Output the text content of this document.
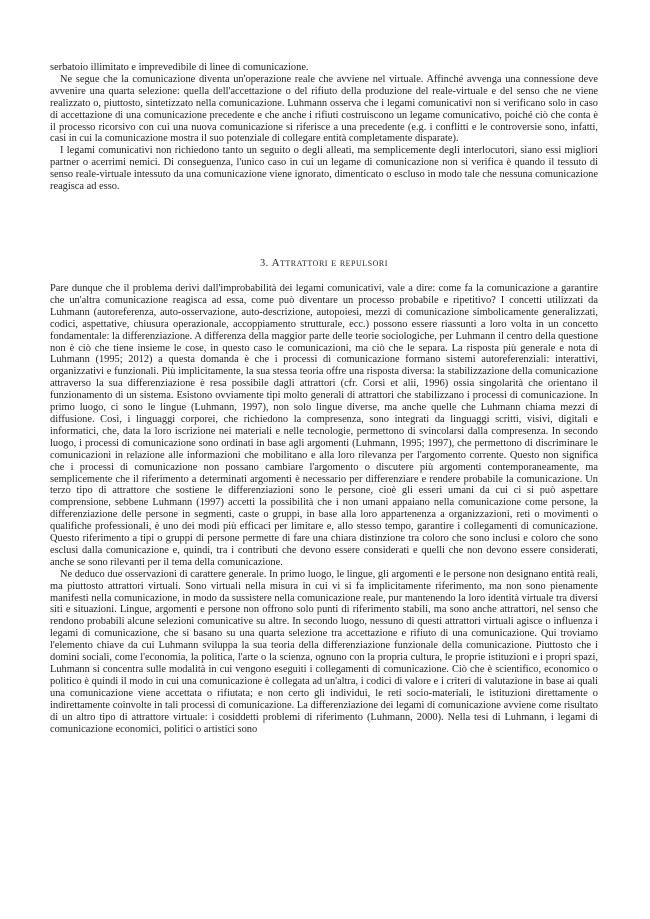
serbatoio illimitato e imprevedibile di linee di comunicazione.

Ne segue che la comunicazione diventa un'operazione reale che avviene nel virtuale. Affinché avvenga una connessione deve avvenire una quarta selezione: quella dell'accettazione o del rifiuto della produzione del reale-virtuale e del senso che ne viene realizzato o, piuttosto, sintetizzato nella comunicazione. Luhmann osserva che i legami comunicativi non si verificano solo in caso di accettazione di una comunicazione precedente e che anche i rifiuti costruiscono un legame comunicativo, poiché ciò che conta è il processo ricorsivo con cui una nuova comunicazione si riferisce a una precedente (e.g. i conflitti e le controversie sono, infatti, casi in cui la comunicazione mostra il suo potenziale di collegare entità completamente disparate).

I legami comunicativi non richiedono tanto un seguito o degli alleati, ma semplicemente degli interlocutori, siano essi migliori partner o acerrimi nemici. Di conseguenza, l'unico caso in cui un legame di comunicazione non si verifica è quando il tessuto di senso reale-virtuale intessuto da una comunicazione viene ignorato, dimenticato o escluso in modo tale che nessuna comunicazione reagisca ad esso.

3. Attrattori e repulsori

Pare dunque che il problema derivi dall'improbabilità dei legami comunicativi, vale a dire: come fa la comunicazione a garantire che un'altra comunicazione reagisca ad essa, come può diventare un processo probabile e ripetitivo? I concetti utilizzati da Luhmann (autoreferenza, auto-osservazione, auto-descrizione, autopoiesi, mezzi di comunicazione simbolicamente generalizzati, codici, aspettative, chiusura operazionale, accoppiamento strutturale, ecc.) possono essere riassunti a loro volta in un concetto fondamentale: la differenziazione. A differenza della maggior parte delle teorie sociologiche, per Luhmann il centro della questione non è ciò che tiene insieme le cose, in questo caso le comunicazioni, ma ciò che le separa. La risposta più generale e nota di Luhmann (1995; 2012) a questa domanda è che i processi di comunicazione formano sistemi autoreferenziali: interattivi, organizzativi e funzionali. Più implicitamente, la sua stessa teoria offre una risposta diversa: la stabilizzazione della comunicazione attraverso la sua differenziazione è resa possibile dagli attrattori (cfr. Corsi et alii, 1996) ossia singolarità che orientano il funzionamento di un sistema. Esistono ovviamente tipi molto generali di attrattori che stabilizzano i processi di comunicazione. In primo luogo, ci sono le lingue (Luhmann, 1997), non solo lingue diverse, ma anche quelle che Luhmann chiama mezzi di diffusione. Così, i linguaggi corporei, che richiedono la compresenza, sono integrati da linguaggi scritti, visivi, digitali e informatici, che, data la loro iscrizione nei materiali e nelle tecnologie, permettono di svincolarsi dalla compresenza. In secondo luogo, i processi di comunicazione sono ordinati in base agli argomenti (Luhmann, 1995; 1997), che permettono di discriminare le comunicazioni in relazione alle informazioni che mobilitano e alla loro rilevanza per l'argomento corrente. Questo non significa che i processi di comunicazione non possano cambiare l'argomento o discutere più argomenti contemporaneamente, ma semplicemente che il riferimento a determinati argomenti è necessario per differenziare e rendere probabile la comunicazione. Un terzo tipo di attrattore che sostiene le differenziazioni sono le persone, cioè gli esseri umani da cui ci si può aspettare comprensione, sebbene Luhmann (1997) accetti la possibilità che i non umani appaiano nella comunicazione come persone, la differenziazione delle persone in segmenti, caste o gruppi, in base alla loro appartenenza a organizzazioni, reti o movimenti o qualifiche professionali, è uno dei modi più efficaci per limitare e, allo stesso tempo, garantire i collegamenti di comunicazione. Questo riferimento a tipi o gruppi di persone permette di fare una chiara distinzione tra coloro che sono inclusi e coloro che sono esclusi dalla comunicazione e, quindi, tra i contributi che devono essere considerati e quelli che non devono essere considerati, anche se sono rilevanti per il tema della comunicazione.

Ne deduco due osservazioni di carattere generale. In primo luogo, le lingue, gli argomenti e le persone non designano entità reali, ma piuttosto attrattori virtuali. Sono virtuali nella misura in cui vi si fa implicitamente riferimento, ma non sono pienamente manifesti nella comunicazione, in modo da sussistere nella comunicazione reale, pur mantenendo la loro identità virtuale tra diversi siti e situazioni. Lingue, argomenti e persone non offrono solo punti di riferimento stabili, ma sono anche attrattori, nel senso che rendono probabili alcune selezioni comunicative su altre. In secondo luogo, nessuno di questi attrattori virtuali agisce o influenza i legami di comunicazione, che si basano su una quarta selezione tra accettazione e rifiuto di una comunicazione. Qui troviamo l'elemento chiave da cui Luhmann sviluppa la sua teoria della differenziazione funzionale della comunicazione. Piuttosto che i domini sociali, come l'economia, la politica, l'arte o la scienza, ognuno con la propria cultura, le proprie istituzioni e i propri spazi, Luhmann si concentra sulle modalità in cui vengono eseguiti i collegamenti di comunicazione. Ciò che è scientifico, economico o politico è quindi il modo in cui una comunicazione è collegata ad un'altra, i codici di valore e i criteri di valutazione in base ai quali una comunicazione viene accettata o rifiutata; e non certo gli individui, le reti socio-materiali, le istituzioni direttamente o indirettamente coinvolte in tali processi di comunicazione. La differenziazione dei legami di comunicazione avviene come risultato di un altro tipo di attrattore virtuale: i cosiddetti problemi di riferimento (Luhmann, 2000). Nella tesi di Luhmann, i legami di comunicazione economici, politici o artistici sono
